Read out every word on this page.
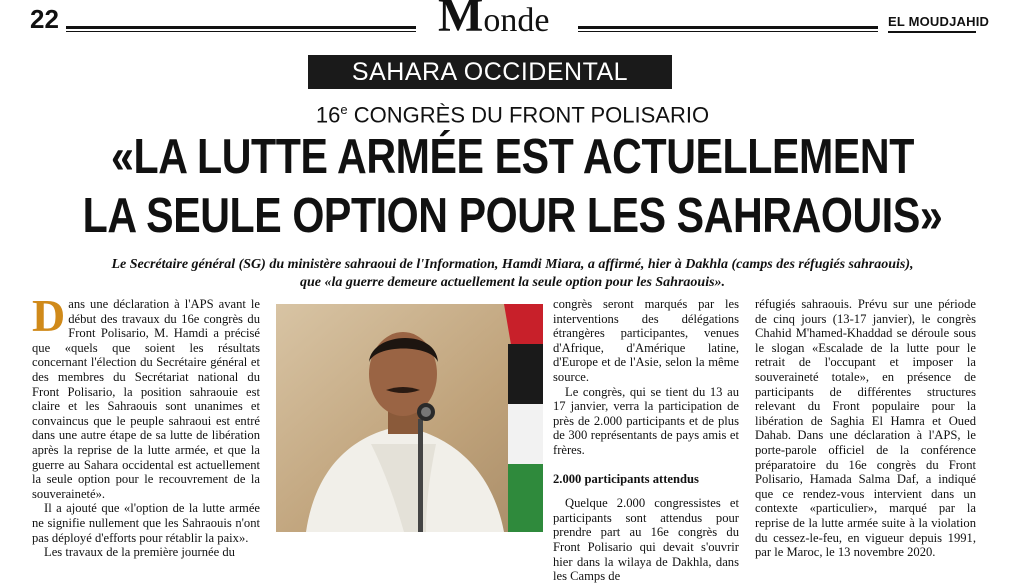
22	Monde	EL MOUDJAHID
SAHARA OCCIDENTAL
16e CONGRÈS DU FRONT POLISARIO
«LA LUTTE ARMÉE EST ACTUELLEMENT
LA SEULE OPTION POUR LES SAHRAOUIS»
Le Secrétaire général (SG) du ministère sahraoui de l'Information, Hamdi Miara, a affirmé, hier à Dakhla (camps des réfugiés sahraouis),
que «la guerre demeure actuellement la seule option pour les Sahraouis».

Dans une déclaration à l'APS avant le début des travaux du 16e congrès du Front Polisario, M. Hamdi a précisé que «quels que soient les résultats concernant l'élection du Secrétaire général et des membres du Secrétariat national du Front Polisario, la position sahraouie est claire et les Sahraouis sont unanimes et convaincus que le peuple sahraoui est entré dans une autre étape de sa lutte de libération après la reprise de la lutte armée, et que la guerre au Sahara occidental est actuellement la seule option pour le recouvrement de la souveraineté».

Il a ajouté que «l'option de la lutte armée ne signifie nullement que les Sahraouis n'ont pas déployé d'efforts pour rétablir la paix».

Les travaux de la première journée du

congrès seront marqués par les interventions des délégations étrangères participantes, venues d'Afrique, d'Amérique latine, d'Europe et de l'Asie, selon la même source.

Le congrès, qui se tient du 13 au 17 janvier, verra la participation de près de 2.000 participants et de plus de 300 représentants de pays amis et frères.

2.000 participants attendus

Quelque 2.000 congressistes et participants sont attendus pour prendre part au 16e congrès du Front Polisario qui devait s'ouvrir hier dans la wilaya de Dakhla, dans les Camps de

réfugiés sahraouis. Prévu sur une période de cinq jours (13-17 janvier), le congrès Chahid M'hamed-Khaddad se déroule sous le slogan «Escalade de la lutte pour le retrait de l'occupant et imposer la souveraineté totale», en présence de participants de différentes structures relevant du Front populaire pour la libération de Saghia El Hamra et Oued Dahab. Dans une déclaration à l'APS, le porte-parole officiel de la conférence préparatoire du 16e congrès du Front Polisario, Hamada Salma Daf, a indiqué que ce rendez-vous intervient dans un contexte «particulier», marqué par la reprise de la lutte armée suite à la violation du cessez-le-feu, en vigueur depuis 1991, par le Maroc, le 13 novembre 2020.
